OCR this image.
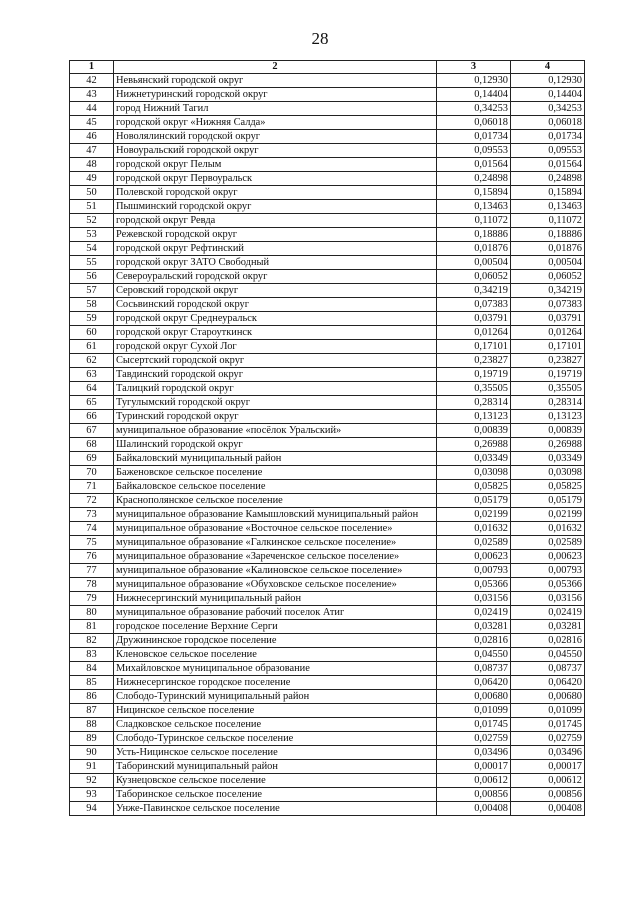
28
1	2	3	4
42	Невьянский городской округ	0,12930	0,12930
43	Нижнетуринский городской округ	0,14404	0,14404
44	город Нижний Тагил	0,34253	0,34253
45	городской округ «Нижняя Салда»	0,06018	0,06018
46	Новолялинский городской округ	0,01734	0,01734
47	Новоуральский городской округ	0,09553	0,09553
48	городской округ Пелым	0,01564	0,01564
49	городской округ Первоуральск	0,24898	0,24898
50	Полевской городской округ	0,15894	0,15894
51	Пышминский городской округ	0,13463	0,13463
52	городской округ Ревда	0,11072	0,11072
53	Режевской городской округ	0,18886	0,18886
54	городской округ Рефтинский	0,01876	0,01876
55	городской округ ЗАТО Свободный	0,00504	0,00504
56	Североуральский городской округ	0,06052	0,06052
57	Серовский городской округ	0,34219	0,34219
58	Сосьвинский городской округ	0,07383	0,07383
59	городской округ Среднеуральск	0,03791	0,03791
60	городской округ Староуткинск	0,01264	0,01264
61	городской округ Сухой Лог	0,17101	0,17101
62	Сысертский городской округ	0,23827	0,23827
63	Тавдинский городской округ	0,19719	0,19719
64	Талицкий городской округ	0,35505	0,35505
65	Тугулымский городской округ	0,28314	0,28314
66	Туринский городской округ	0,13123	0,13123
67	муниципальное образование «посёлок Уральский»	0,00839	0,00839
68	Шалинский городской округ	0,26988	0,26988
69	Байкаловский муниципальный район	0,03349	0,03349
70	Баженовское сельское поселение	0,03098	0,03098
71	Байкаловское сельское поселение	0,05825	0,05825
72	Краснополянское сельское поселение	0,05179	0,05179
73	муниципальное образование Камышловский муниципальный район	0,02199	0,02199
74	муниципальное образование «Восточное сельское поселение»	0,01632	0,01632
75	муниципальное образование «Галкинское сельское поселение»	0,02589	0,02589
76	муниципальное образование «Зареченское сельское поселение»	0,00623	0,00623
77	муниципальное образование «Калиновское сельское поселение»	0,00793	0,00793
78	муниципальное образование «Обуховское сельское поселение»	0,05366	0,05366
79	Нижнесергинский муниципальный район	0,03156	0,03156
80	муниципальное образование рабочий поселок Атиг	0,02419	0,02419
81	городское поселение Верхние Серги	0,03281	0,03281
82	Дружининское городское поселение	0,02816	0,02816
83	Кленовское сельское поселение	0,04550	0,04550
84	Михайловское муниципальное образование	0,08737	0,08737
85	Нижнесергинское городское поселение	0,06420	0,06420
86	Слободо-Туринский муниципальный район	0,00680	0,00680
87	Ницинское сельское поселение	0,01099	0,01099
88	Сладковское сельское поселение	0,01745	0,01745
89	Слободо-Туринское сельское поселение	0,02759	0,02759
90	Усть-Ницинское сельское поселение	0,03496	0,03496
91	Таборинский муниципальный район	0,00017	0,00017
92	Кузнецовское сельское поселение	0,00612	0,00612
93	Таборинское сельское поселение	0,00856	0,00856
94	Унже-Павинское сельское поселение	0,00408	0,00408
